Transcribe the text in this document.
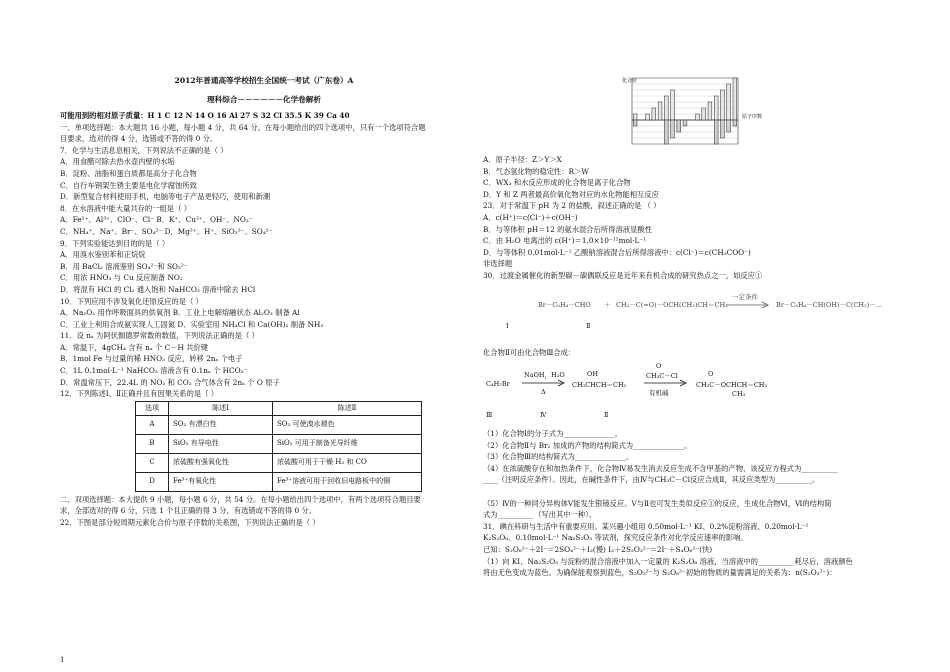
2012年普通高等学校招生全国统一考试（广东卷）A
理科综合－－－－－－化学卷解析
可能用到的相对原子质量：H 1 C 12 N 14 O 16 Al 27 S 32 Cl 35.5 K 39 Ca 40
一、单项选择题：本大题共 16 小题，每小题 4 分，共 64 分。在每小题给出的四个选项中，只有一个选项符合题
目要求，选对的得 4 分，选错或不答的得 0 分。
7．化学与生活息息相关，下列说法不正确的是（ ）
A．用食醋可除去热水壶内壁的水垢
B．淀粉、油脂和蛋白质都是高分子化合物
C．自行车钢架生锈主要是电化学腐蚀所致
D．新型复合材料使用手机，电脑等电子产品更轻巧，使用和新潮
8．在水溶液中能大量共存的一组是（ ）
A．Fe²⁺、Al³⁺、ClO⁻、Cl⁻ B．K⁺、Cu²⁺、OH⁻、NO₃⁻
C．NH₄⁺、Na⁺、Br⁻、SO₄²⁻ D．Mg²⁺、H⁺、SiO₃²⁻、SO₄²⁻
9．下列实验能达到目的的是（ ）
A．用溴水鉴别苯和正烷烷
B．用 BaCl₂ 溶液鉴别 SO₄²⁻和 SO₃²⁻
C．用浓 HNO₃ 与 Cu 反应制备 NO₂
D．将混有 HCl 的 Cl₂ 通入饱和 NaHCO₃ 溶液中除去 HCl
10．下列应用不涉及氧化还原反应的是（ ）
A．Na₂O₂ 用作呼吸面具的供氧剂 B．工业上电解熔融状态 Al₂O₃ 制备 Al
C．工业上利用合成氨实现人工固氮 D．实验室用 NH₄Cl 和 Ca(OH)₂ 制备 NH₃
11．设 nₐ 为阿伏伽德罗常数的数值，下列说法正确的是（ ）
A．常温下，4gCH₄ 含有 nₐ 个 C－H 共价键
B．1mol Fe 与过量的稀 HNO₃ 反应，转移 2nₐ 个电子
C．1L 0.1mol·L⁻¹ NaHCO₃ 溶液含有 0.1nₐ 个 HCO₃⁻
D．常温常压下，22.4L 的 NO₂ 和 CO₂ 合气体含有 2nₐ 个 O 原子
12．下列陈述Ⅰ、Ⅱ正确并且有因果关系的是（ ）
选项	陈述Ⅰ	陈述Ⅱ
A	SO₂ 有漂白性	SO₂ 可使溴水褪色
B	SiO₂ 有导电性	SiO₂ 可用于制备光导纤维
C	浓硫酸有强氧化性	浓硫酸可用于干燥 H₂ 和 CO
D	Fe³⁺有氧化性	Fe³⁺溶液可用于回收旧电路板中的铜
二、双项选择题：本大提供 9 小题，每小题 6 分，共 54 分。在每小题给出四个选项中，有两个选项符合题目要
求，全部选对的得 6 分，只选 1 个且正确的得 3 分，有选错或不答的得 0 分。
22．下图是部分短周期元素化合价与原子序数的关系图，下列说法正确的是（ ）
化合价
原子序数
A．原子半径：Z＞Y＞X
B．气态氢化物的稳定性：R＞W
C．WX₃ 和水反应形成的化合物是离子化合物
D．Y 和 Z 两者最高价氧化物对应的水化物能相互反应
23．对于常温下 pH 为 2 的盐酸，叙述正确的是 （ ）
A．c(H⁺)＝c(Cl⁻)＋c(OH⁻)
B．与等体积 pH＝12 的氨水混合后所得溶液显酸性
C．由 H₂O 电离出的 c(H⁺)＝1.0×10⁻¹²mol·L⁻¹
D．与等体积 0.01mol·L⁻¹ 乙酸钠溶液混合后所得溶液中：c(Cl⁻)＝c(CH₃COO⁻)
非选择题
30．过渡金属催化的新型碳－碳偶联反应是近年来有机合成的研究热点之一，如反应①
Br－C₆H₄－CHO ＋ CH₃－C(=O)－OCH(CH₃)CH＝CH₂
一定条件
→ Br－C₆H₄－CH(OH)－C(CH₂)－…
Ⅰ	Ⅱ
化合物Ⅱ可由化合物Ⅲ合成：
C₄H₇Br
NaOH，H₂O
Δ
OH
CH₃CHCH＝CH₂
O
CH₃C－Cl
有机碱
O
CH₃C－OCHCH＝CH₂
CH₃
Ⅲ	Ⅳ	Ⅱ
（1）化合物Ⅰ的分子式为______________。
（2）化合物Ⅱ与 Br₂ 加成的产物的结构简式为______________。
（3）化合物Ⅲ的结构简式为______________。
（4）在浓硫酸存在和加热条件下，化合物Ⅳ易发生消去反应生成不含甲基的产物，该反应方程式为__________
____（注明反应条件）。因此，在碱性条件下，由Ⅳ与CH₃C－Cl反应合成Ⅱ，其反应类型为__________。
（5）Ⅳ的一种同分异构体Ⅴ能发生银镜反应。Ⅴ与Ⅱ也可发生类似反应①的反应，生成化合物Ⅵ，Ⅵ的结构简
式为__________（写出其中一种）。
31．碘在科研与生活中有重要应用。某兴趣小组用 0.50mol·L⁻¹ KI、0.2%淀粉溶液、0.20mol·L⁻¹
K₂S₂O₈、0.10mol·L⁻¹ Na₂S₂O₃ 等试剂，探究反应条件对化学反应速率的影响。
已知：S₂O₈²⁻＋2I⁻＝2SO₄²⁻＋I₂(慢) I₂＋2S₂O₃²⁻＝2I⁻＋S₄O₆²⁻(快)
（1）向 KI、Na₂S₂O₃ 与淀粉的混合溶液中加入一定量的 K₂S₂O₈ 溶液，当溶液中的__________耗尽后，溶液颜色
将由无色变成为蓝色。为确保能观察到蓝色，S₂O₃²⁻与 S₂O₈²⁻初始的物质的量需满足的关系为：n(S₂O₃²⁻)：
1
